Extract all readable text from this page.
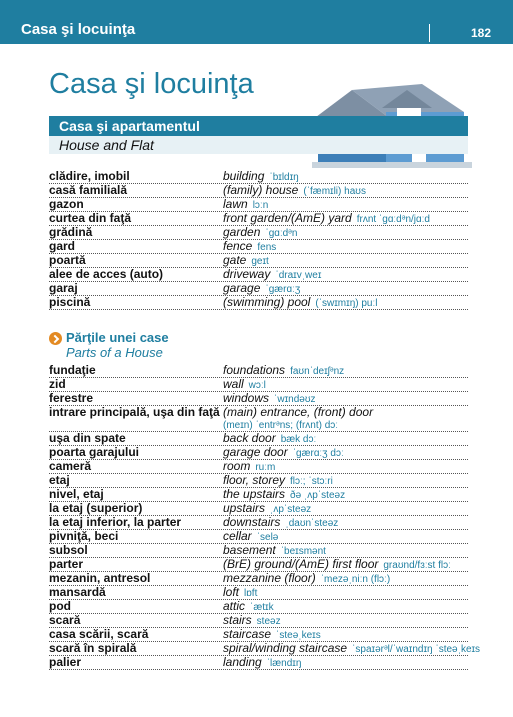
Casa şi locuinţa	182
Casa şi locuinţa
Casa şi apartamentul
House and Flat
clădire, imobil	building ˈbɪldɪŋ
casă familială	(family) house (ˈfæmɪli) haʊs
gazon	lawn lɔːn
curtea din faţă	front garden/(AmE) yard frʌnt ˈɡɑːdᵊn/jɑːd
grădină	garden ˈɡɑːdᵊn
gard	fence fens
poartă	gate ɡeɪt
alee de acces (auto)	driveway ˈdraɪvˌweɪ
garaj	garage ˈɡærɑːʒ
piscină	(swimming) pool (ˈswɪmɪŋ) puːl
Părţile unei case
Parts of a House
fundaţie	foundations faʊnˈdeɪʃᵊnz
zid	wall wɔːl
ferestre	windows ˈwɪndəʊz
intrare principală, uşa din faţă (main) entrance, (front) door
(meɪn) ˈentrᵊns; (frʌnt) dɔː
uşa din spate	back door bæk dɔː
poarta garajului	garage door ˈɡærɑːʒ dɔː
cameră	room ruːm
etaj	floor, storey flɔː; ˈstɔːri
nivel, etaj	the upstairs ðə ˌʌpˈsteəz
la etaj (superior)	upstairs ˌʌpˈsteəz
la etaj inferior, la parter	downstairs ˌdaʊnˈsteəz
pivniţă, beci	cellar ˈselə
subsol	basement ˈbeɪsmənt
parter	(BrE) ground/(AmE) first floor ɡraʊnd/fɜːst flɔː
mezanin, antresol	mezzanine (floor) ˈmezəˌniːn (flɔː)
mansardă	loft lɒft
pod	attic ˈætɪk
scară	stairs steəz
casa scării, scară	staircase ˈsteəˌkeɪs
scară în spirală	spiral/winding staircase ˈspaɪərᵊl/ˈwaɪndɪŋ ˈsteəˌkeɪs
palier	landing ˈlændɪŋ
